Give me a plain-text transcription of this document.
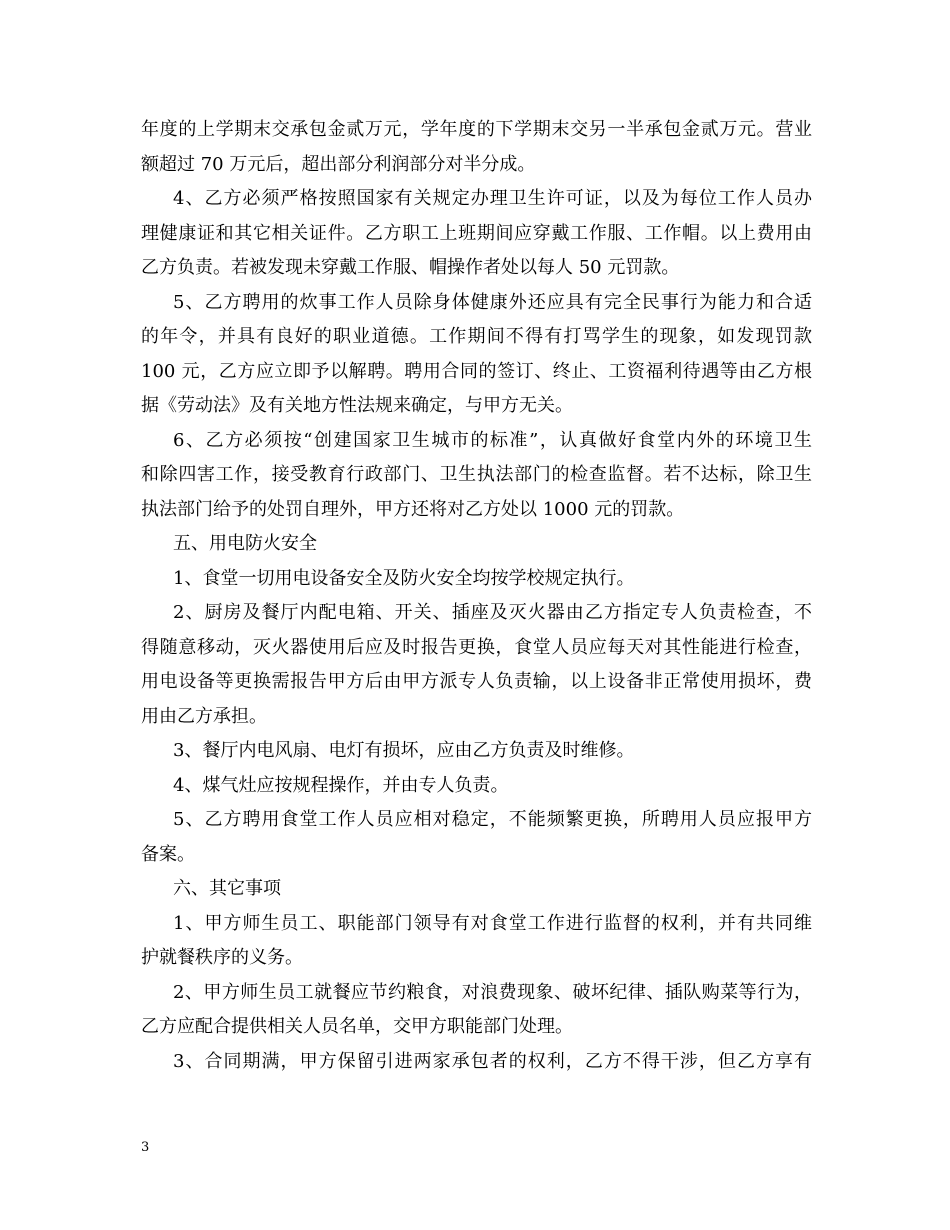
年度的上学期末交承包金贰万元，学年度的下学期末交另一半承包金贰万元。营业
额超过 70 万元后，超出部分利润部分对半分成。
4、乙方必须严格按照国家有关规定办理卫生许可证，以及为每位工作人员办
理健康证和其它相关证件。乙方职工上班期间应穿戴工作服、工作帽。以上费用由
乙方负责。若被发现未穿戴工作服、帽操作者处以每人 50 元罚款。
5、乙方聘用的炊事工作人员除身体健康外还应具有完全民事行为能力和合适
的年令，并具有良好的职业道德。工作期间不得有打骂学生的现象，如发现罚款
100 元，乙方应立即予以解聘。聘用合同的签订、终止、工资福利待遇等由乙方根
据《劳动法》及有关地方性法规来确定，与甲方无关。
6、乙方必须按“创建国家卫生城市的标准”，认真做好食堂内外的环境卫生
和除四害工作，接受教育行政部门、卫生执法部门的检查监督。若不达标，除卫生
执法部门给予的处罚自理外，甲方还将对乙方处以 1000 元的罚款。
五、用电防火安全
1、食堂一切用电设备安全及防火安全均按学校规定执行。
2、厨房及餐厅内配电箱、开关、插座及灭火器由乙方指定专人负责检查，不
得随意移动，灭火器使用后应及时报告更换，食堂人员应每天对其性能进行检查，
用电设备等更换需报告甲方后由甲方派专人负责输，以上设备非正常使用损坏，费
用由乙方承担。
3、餐厅内电风扇、电灯有损坏，应由乙方负责及时维修。
4、煤气灶应按规程操作，并由专人负责。
5、乙方聘用食堂工作人员应相对稳定，不能频繁更换，所聘用人员应报甲方
备案。
六、其它事项
1、甲方师生员工、职能部门领导有对食堂工作进行监督的权利，并有共同维
护就餐秩序的义务。
2、甲方师生员工就餐应节约粮食，对浪费现象、破坏纪律、插队购菜等行为，
乙方应配合提供相关人员名单，交甲方职能部门处理。
3、合同期满，甲方保留引进两家承包者的权利，乙方不得干涉，但乙方享有
3
